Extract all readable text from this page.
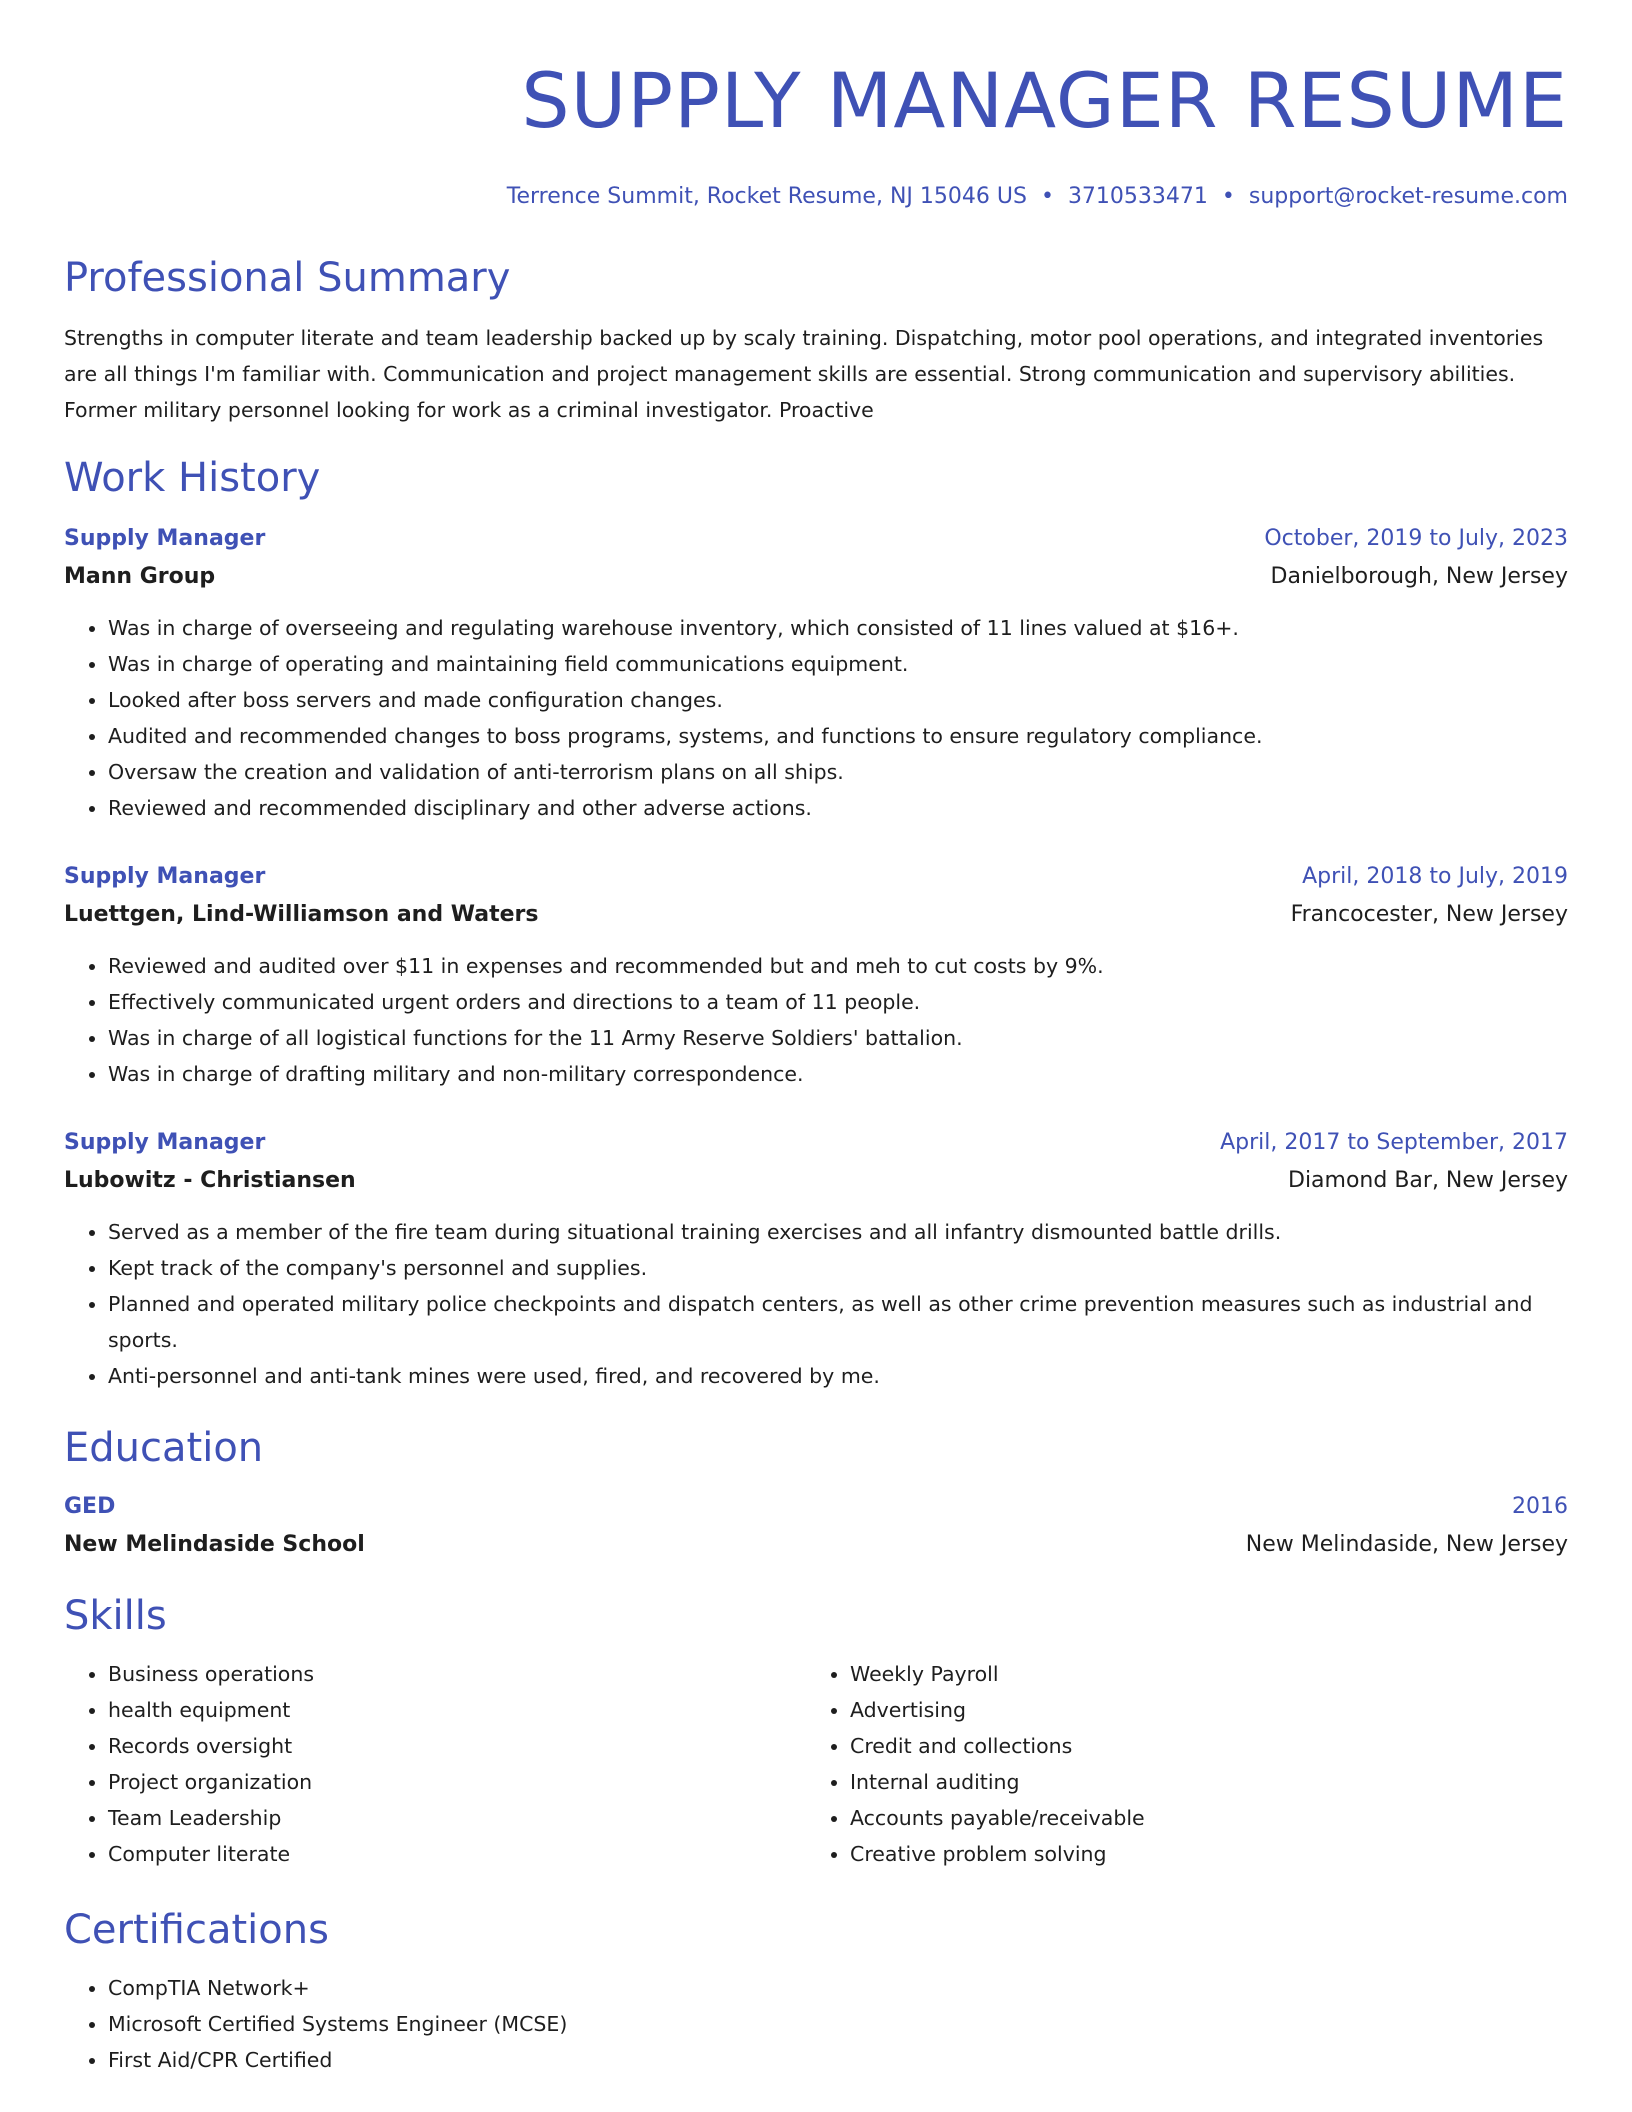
SUPPLY MANAGER RESUME
Terrence Summit, Rocket Resume, NJ 15046 US • 3710533471 • support@rocket-resume.com
Professional Summary
Strengths in computer literate and team leadership backed up by scaly training. Dispatching, motor pool operations, and integrated inventories are all things I'm familiar with. Communication and project management skills are essential. Strong communication and supervisory abilities. Former military personnel looking for work as a criminal investigator. Proactive
Work History
Supply Manager	October, 2019 to July, 2023
Mann Group	Danielborough, New Jersey
• Was in charge of overseeing and regulating warehouse inventory, which consisted of 11 lines valued at $16+.
• Was in charge of operating and maintaining field communications equipment.
• Looked after boss servers and made configuration changes.
• Audited and recommended changes to boss programs, systems, and functions to ensure regulatory compliance.
• Oversaw the creation and validation of anti-terrorism plans on all ships.
• Reviewed and recommended disciplinary and other adverse actions.
Supply Manager	April, 2018 to July, 2019
Luettgen, Lind-Williamson and Waters	Francocester, New Jersey
• Reviewed and audited over $11 in expenses and recommended but and meh to cut costs by 9%.
• Effectively communicated urgent orders and directions to a team of 11 people.
• Was in charge of all logistical functions for the 11 Army Reserve Soldiers' battalion.
• Was in charge of drafting military and non-military correspondence.
Supply Manager	April, 2017 to September, 2017
Lubowitz - Christiansen	Diamond Bar, New Jersey
• Served as a member of the fire team during situational training exercises and all infantry dismounted battle drills.
• Kept track of the company's personnel and supplies.
• Planned and operated military police checkpoints and dispatch centers, as well as other crime prevention measures such as industrial and sports.
• Anti-personnel and anti-tank mines were used, fired, and recovered by me.
Education
GED	2016
New Melindaside School	New Melindaside, New Jersey
Skills
• Business operations
• health equipment
• Records oversight
• Project organization
• Team Leadership
• Computer literate
• Weekly Payroll
• Advertising
• Credit and collections
• Internal auditing
• Accounts payable/receivable
• Creative problem solving
Certifications
• CompTIA Network+
• Microsoft Certified Systems Engineer (MCSE)
• First Aid/CPR Certified
